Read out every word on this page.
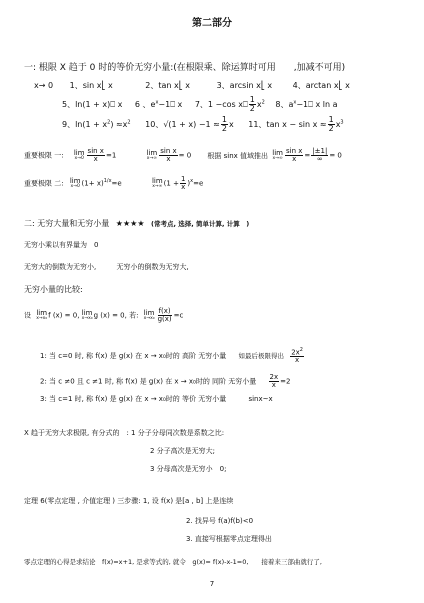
第二部分
一: 根限 X 趋于 0 时的等价无穷小量:(在根限乘、除运算时可用　　,加减不可用)
x→ 0 1、sin x⎣ x	2、tan x⎣ x	3、arcsin x⎣ x	4、arctan x⎣ x
5、ln(1 + x)⎕ x 6 、$e^x-1⎕$ x 7、1 −cos x⎕ $\frac{1}{2} x^2$ 8、$a^x-1⎕$ x ln a
9、$\ln(1 + x^2) \approx x^2$ 10、$√(1 + x) -1 \approx \frac{1}{2}$ x 11、$\tan x - \sin x \approx \frac{1}{2} x^3$
重要极限 一: lim
$x\to 0 \frac{\text{sin x}}{x} =1$	lim
$x\to\infty \frac{\text{sin x}}{x} = 0$ 根据 sinx 值域推出 lim
$x\to\infty \frac{\text{sin x}}{x} = \frac{|\pm 1|}{\infty} = 0$
重要极限 二: lim
x→0 $(1+ x)^{1/x}=e$	lim
x→∞ $(1 + \frac{1}{x} )^x=e$
二: 无穷大量和无穷小量 ★★★★ (常考点, 选择, 简单计算, 计算　)
无穷小乘以有界量为　0
无穷大的倒数为无穷小,	无穷小的倒数为无穷大,
无穷小量的比较:
设 lim
x→x₀ f (x) = 0, lim
x→x₀ g (x) = 0, 若: lim
$x\to x_0 \frac{f(x)}{g(x)} =c$
1: 当 c=0 时, 称 f(x) 是 g(x) 在 x → x₀时的 高阶 无穷小量 如最后极限得出 $\frac{2x^2}{x}$
2: 当 c ≠0 且 c ≠1 时, 称 f(x) 是 g(x) 在 x → x₀时的 同阶 无穷小量 $\frac{2x}{x} =2$
3: 当 c=1 时, 称 f(x) 是 g(x) 在 x → x₀时的 等价 无穷小量	sinx~x
X 趋于无穷大求极限, 有分式的　: 1 分子分母同次数是系数之比:
2 分子高次是无穷大;
3 分母高次是无穷小　0;
定理 6(零点定理 , 介值定理 ) 三步骤: 1, 设 f(x) 是[a , b] 上是连续
2. 找异号 f(a)f(b)<0
3. 直接写根据零点定理得出
零点定理的心得是求结论　f(x)=x+1, 是求等式的, 就令　g(x)= f(x)-x-1=0,　　接着来三部曲就行了,
7
